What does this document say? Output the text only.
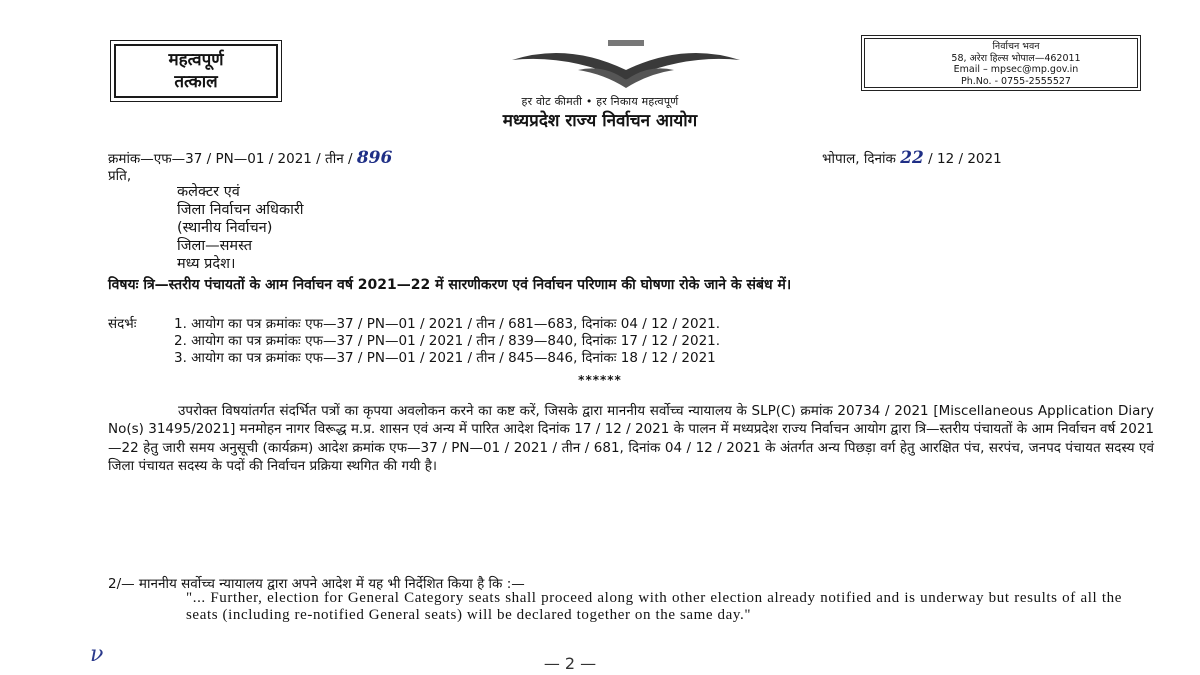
महत्वपूर्ण
तत्काल
हर वोट कीमती • हर निकाय महत्वपूर्ण
मध्यप्रदेश राज्य निर्वाचन आयोग
निर्वाचन भवन
58, अरेरा हिल्स भोपाल—462011
Email – mpsec@mp.gov.in
Ph.No. - 0755-2555527
क्रमांक—एफ—37 / PN—01 / 2021 / तीन / 896	भोपाल, दिनांक 22 / 12 / 2021
प्रति,
कलेक्टर एवं
जिला निर्वाचन अधिकारी
(स्थानीय निर्वाचन)
जिला—समस्त
मध्य प्रदेश।
विषयः त्रि—स्तरीय पंचायतों के आम निर्वाचन वर्ष 2021—22 में सारणीकरण एवं निर्वाचन परिणाम की घोषणा रोके जाने के संबंध में।
संदर्भः	1. आयोग का पत्र क्रमांकः एफ—37 / PN—01 / 2021 / तीन / 681—683, दिनांकः 04 / 12 / 2021.
2. आयोग का पत्र क्रमांकः एफ—37 / PN—01 / 2021 / तीन / 839—840, दिनांकः 17 / 12 / 2021.
3. आयोग का पत्र क्रमांकः एफ—37 / PN—01 / 2021 / तीन / 845—846, दिनांकः 18 / 12 / 2021
******
उपरोक्त विषयांतर्गत संदर्भित पत्रों का कृपया अवलोकन करने का कष्ट करें, जिसके द्वारा माननीय सर्वोच्च न्यायालय के SLP(C) क्रमांक 20734 / 2021 [Miscellaneous Application Diary No(s) 31495/2021] मनमोहन नागर विरूद्ध म.प्र. शासन एवं अन्य में पारित आदेश दिनांक 17 / 12 / 2021 के पालन में मध्यप्रदेश राज्य निर्वाचन आयोग द्वारा त्रि—स्तरीय पंचायतों के आम निर्वाचन वर्ष 2021—22 हेतु जारी समय अनुसूची (कार्यक्रम) आदेश क्रमांक एफ—37 / PN—01 / 2021 / तीन / 681, दिनांक 04 / 12 / 2021 के अंतर्गत अन्य पिछड़ा वर्ग हेतु आरक्षित पंच, सरपंच, जनपद पंचायत सदस्य एवं जिला पंचायत सदस्य के पदों की निर्वाचन प्रक्रिया स्थगित की गयी है।
2/— माननीय सर्वोच्च न्यायालय द्वारा अपने आदेश में यह भी निर्देशित किया है कि :—
"... Further, election for General Category seats shall proceed along with other election already notified and is underway but results of all the seats (including re-notified General seats) will be declared together on the same day."
ν	— 2 —
